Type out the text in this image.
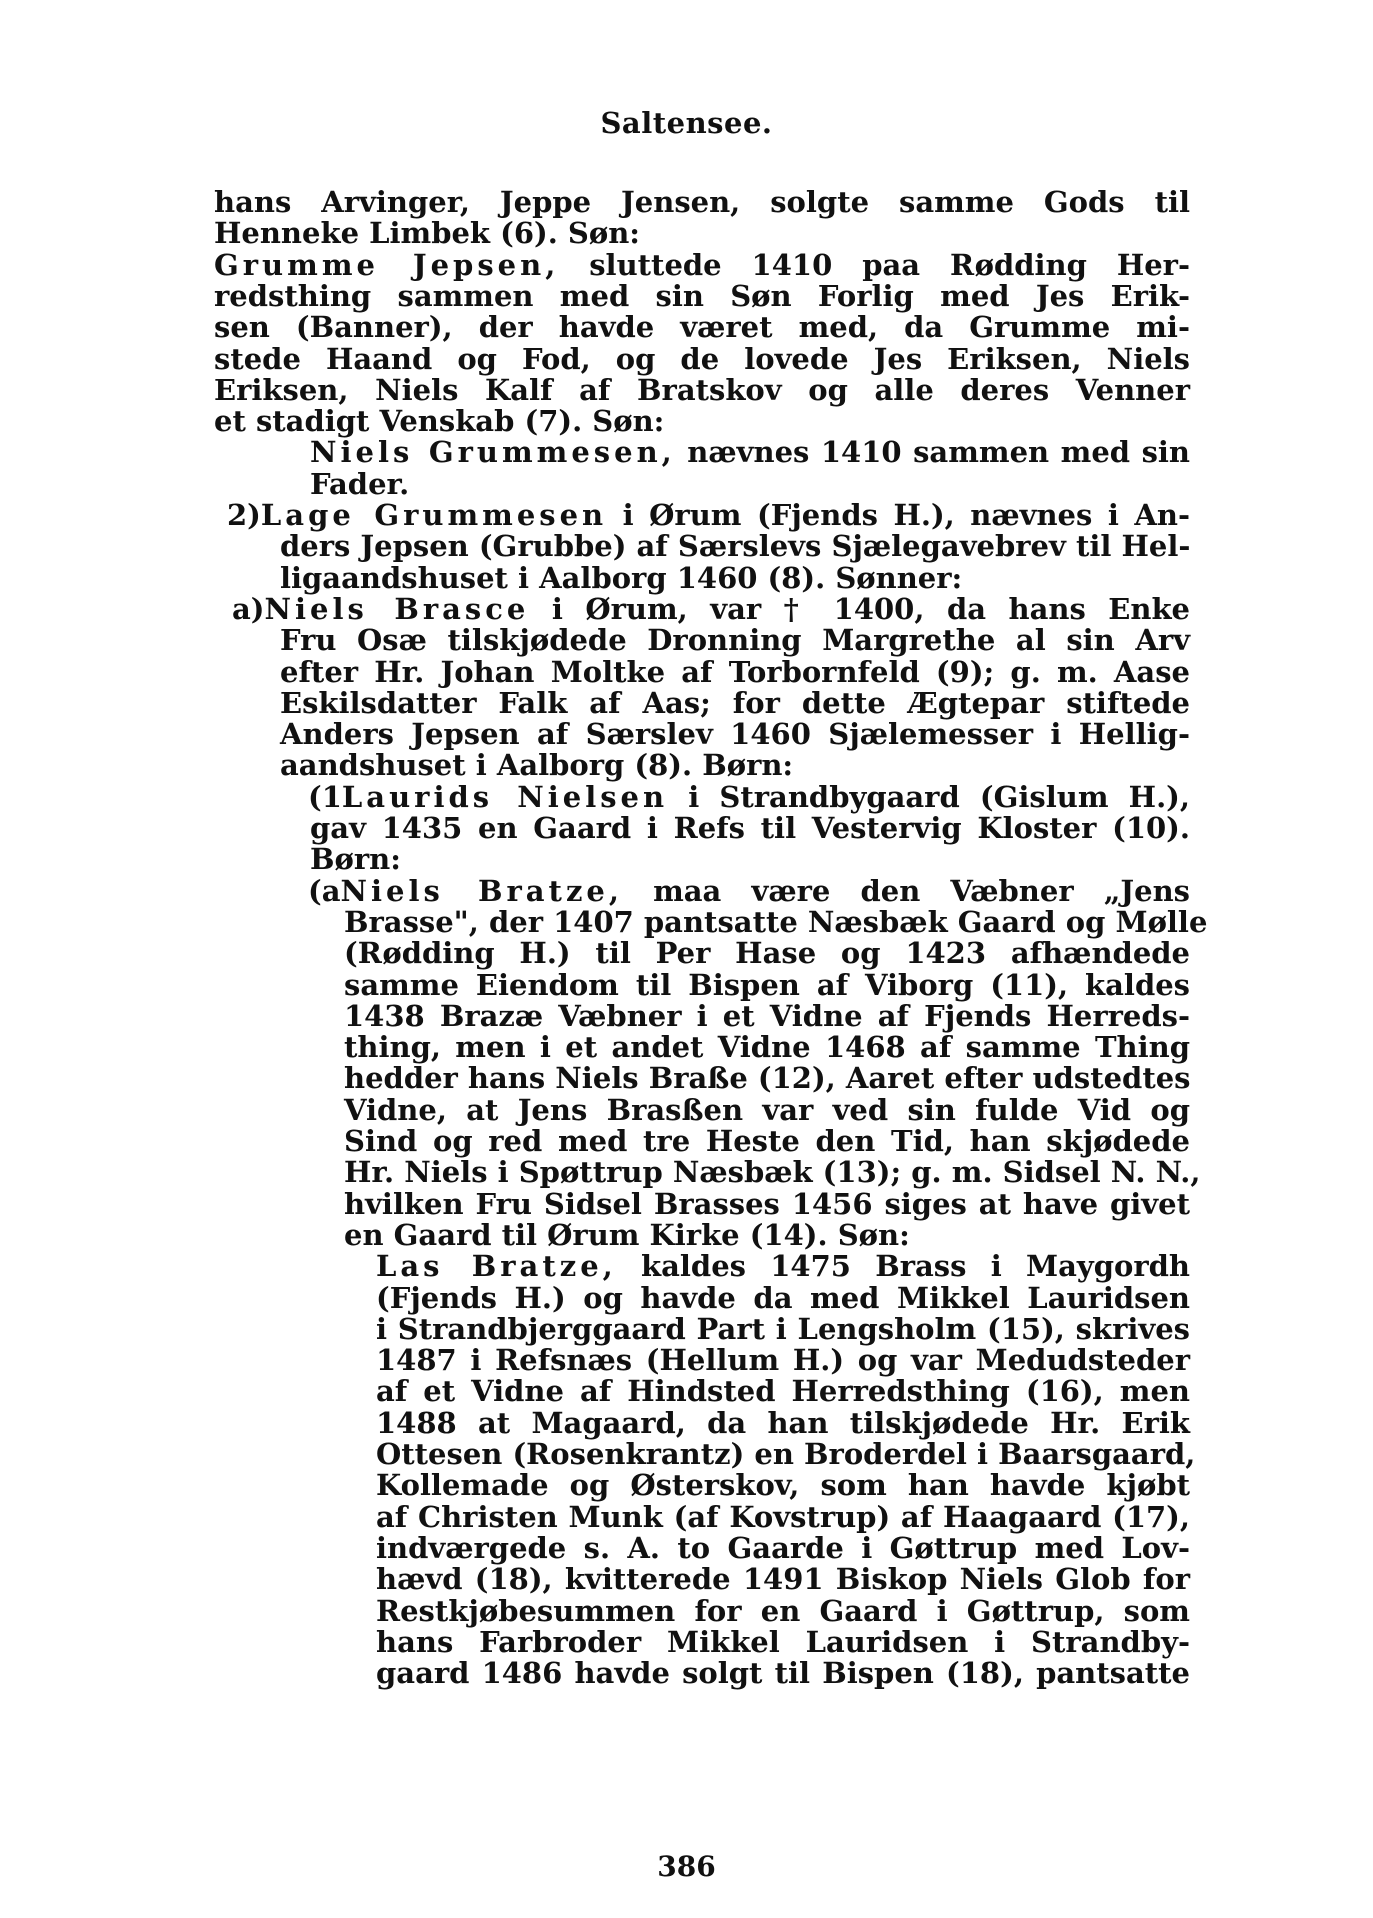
Saltensee.
hans Arvinger, Jeppe Jensen, solgte samme Gods til
Henneke Limbek (6). Søn:
Grumme Jepsen, sluttede 1410 paa Rødding Her-
redsthing sammen med sin Søn Forlig med Jes Erik-
sen (Banner), der havde været med, da Grumme mi-
stede Haand og Fod, og de lovede Jes Eriksen, Niels
Eriksen, Niels Kalf af Bratskov og alle deres Venner
et stadigt Venskab (7). Søn:
Niels Grummesen, nævnes 1410 sammen med sin
Fader.
2)Lage Grummesen i Ørum (Fjends H.), nævnes i An-
ders Jepsen (Grubbe) af Særslevs Sjælegavebrev til Hel-
ligaandshuset i Aalborg 1460 (8). Sønner:
a)Niels Brasce i Ørum, var † 1400, da hans Enke
Fru Osæ tilskjødede Dronning Margrethe al sin Arv
efter Hr. Johan Moltke af Torbornfeld (9); g. m. Aase
Eskilsdatter Falk af Aas; for dette Ægtepar stiftede
Anders Jepsen af Særslev 1460 Sjælemesser i Hellig-
aandshuset i Aalborg (8). Børn:
(1Laurids Nielsen i Strandbygaard (Gislum H.),
gav 1435 en Gaard i Refs til Vestervig Kloster (10).
Børn:
(aNiels Bratze, maa være den Væbner „Jens
Brasse", der 1407 pantsatte Næsbæk Gaard og Mølle
(Rødding H.) til Per Hase og 1423 afhændede
samme Eiendom til Bispen af Viborg (11), kaldes
1438 Brazæ Væbner i et Vidne af Fjends Herreds-
thing, men i et andet Vidne 1468 af samme Thing
hedder hans Niels Braße (12), Aaret efter udstedtes
Vidne, at Jens Brasßen var ved sin fulde Vid og
Sind og red med tre Heste den Tid, han skjødede
Hr. Niels i Spøttrup Næsbæk (13); g. m. Sidsel N. N.,
hvilken Fru Sidsel Brasses 1456 siges at have givet
en Gaard til Ørum Kirke (14). Søn:
Las Bratze, kaldes 1475 Brass i Maygordh
(Fjends H.) og havde da med Mikkel Lauridsen
i Strandbjerggaard Part i Lengsholm (15), skrives
1487 i Refsnæs (Hellum H.) og var Medudsteder
af et Vidne af Hindsted Herredsthing (16), men
1488 at Magaard, da han tilskjødede Hr. Erik
Ottesen (Rosenkrantz) en Broderdel i Baarsgaard,
Kollemade og Østerskov, som han havde kjøbt
af Christen Munk (af Kovstrup) af Haagaard (17),
indværgede s. A. to Gaarde i Gøttrup med Lov-
hævd (18), kvitterede 1491 Biskop Niels Glob for
Restkjøbesummen for en Gaard i Gøttrup, som
hans Farbroder Mikkel Lauridsen i Strandby-
gaard 1486 havde solgt til Bispen (18), pantsatte
386
